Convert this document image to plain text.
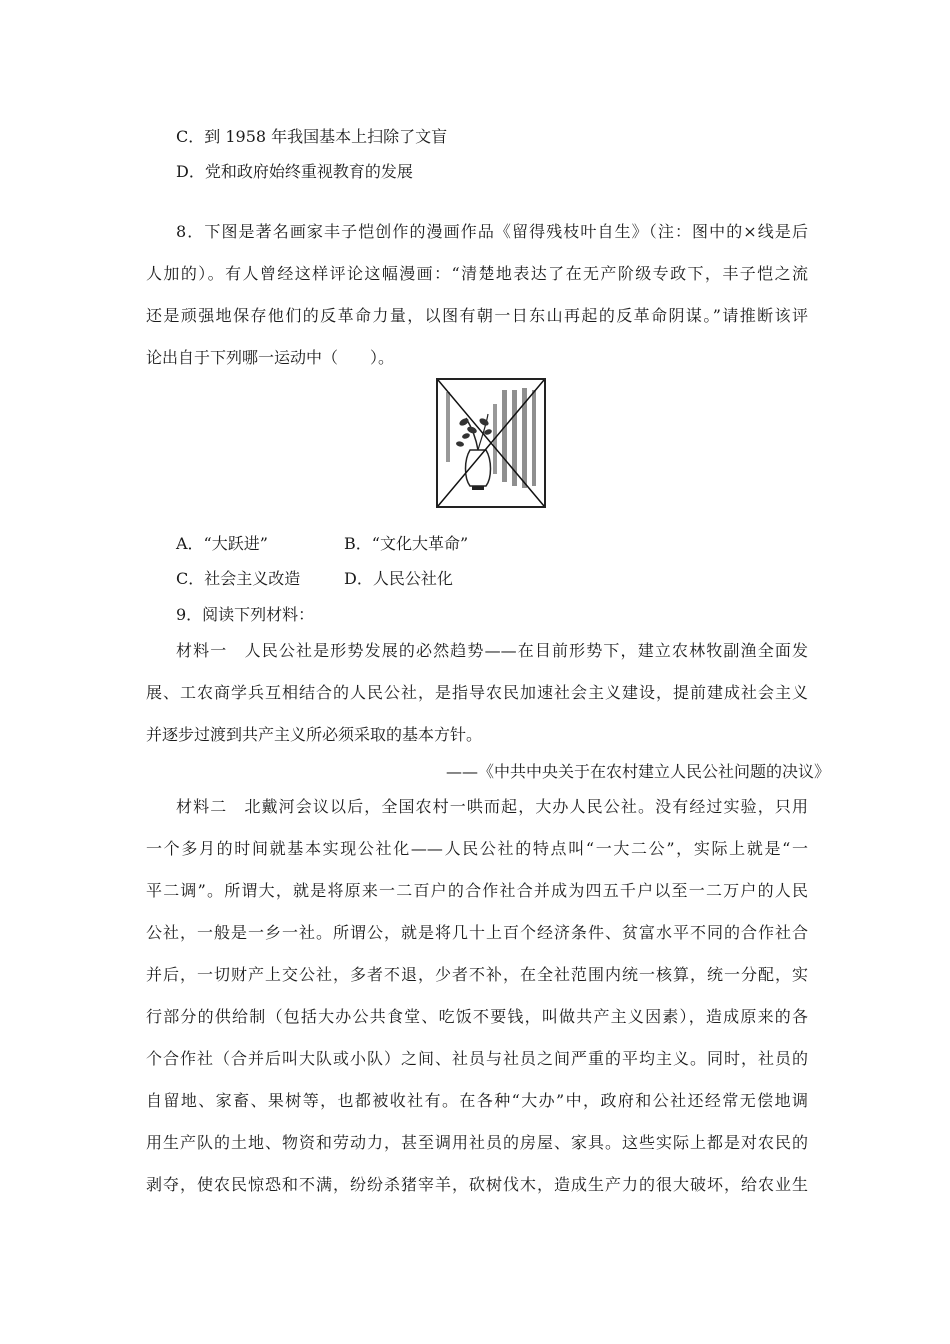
C．到 1958 年我国基本上扫除了文盲
D．党和政府始终重视教育的发展
8．下图是著名画家丰子恺创作的漫画作品《留得残枝叶自生》（注：图中的×线是后
人加的）。有人曾经这样评论这幅漫画：“清楚地表达了在无产阶级专政下，丰子恺之流
还是顽强地保存他们的反革命力量，以图有朝一日东山再起的反革命阴谋。”请推断该评
论出自于下列哪一运动中（　　）。
A．“大跃进”	B．“文化大革命”
C．社会主义改造	D．人民公社化
9．阅读下列材料：
材料一　人民公社是形势发展的必然趋势——在目前形势下，建立农林牧副渔全面发
展、工农商学兵互相结合的人民公社，是指导农民加速社会主义建设，提前建成社会主义
并逐步过渡到共产主义所必须采取的基本方针。
——《中共中央关于在农村建立人民公社问题的决议》
材料二　北戴河会议以后，全国农村一哄而起，大办人民公社。没有经过实验，只用
一个多月的时间就基本实现公社化——人民公社的特点叫“一大二公”，实际上就是“一
平二调”。所谓大，就是将原来一二百户的合作社合并成为四五千户以至一二万户的人民
公社，一般是一乡一社。所谓公，就是将几十上百个经济条件、贫富水平不同的合作社合
并后，一切财产上交公社，多者不退，少者不补，在全社范围内统一核算，统一分配，实
行部分的供给制（包括大办公共食堂、吃饭不要钱，叫做共产主义因素），造成原来的各
个合作社（合并后叫大队或小队）之间、社员与社员之间严重的平均主义。同时，社员的
自留地、家畜、果树等，也都被收社有。在各种“大办”中，政府和公社还经常无偿地调
用生产队的土地、物资和劳动力，甚至调用社员的房屋、家具。这些实际上都是对农民的
剥夺，使农民惊恐和不满，纷纷杀猪宰羊，砍树伐木，造成生产力的很大破坏，给农业生
